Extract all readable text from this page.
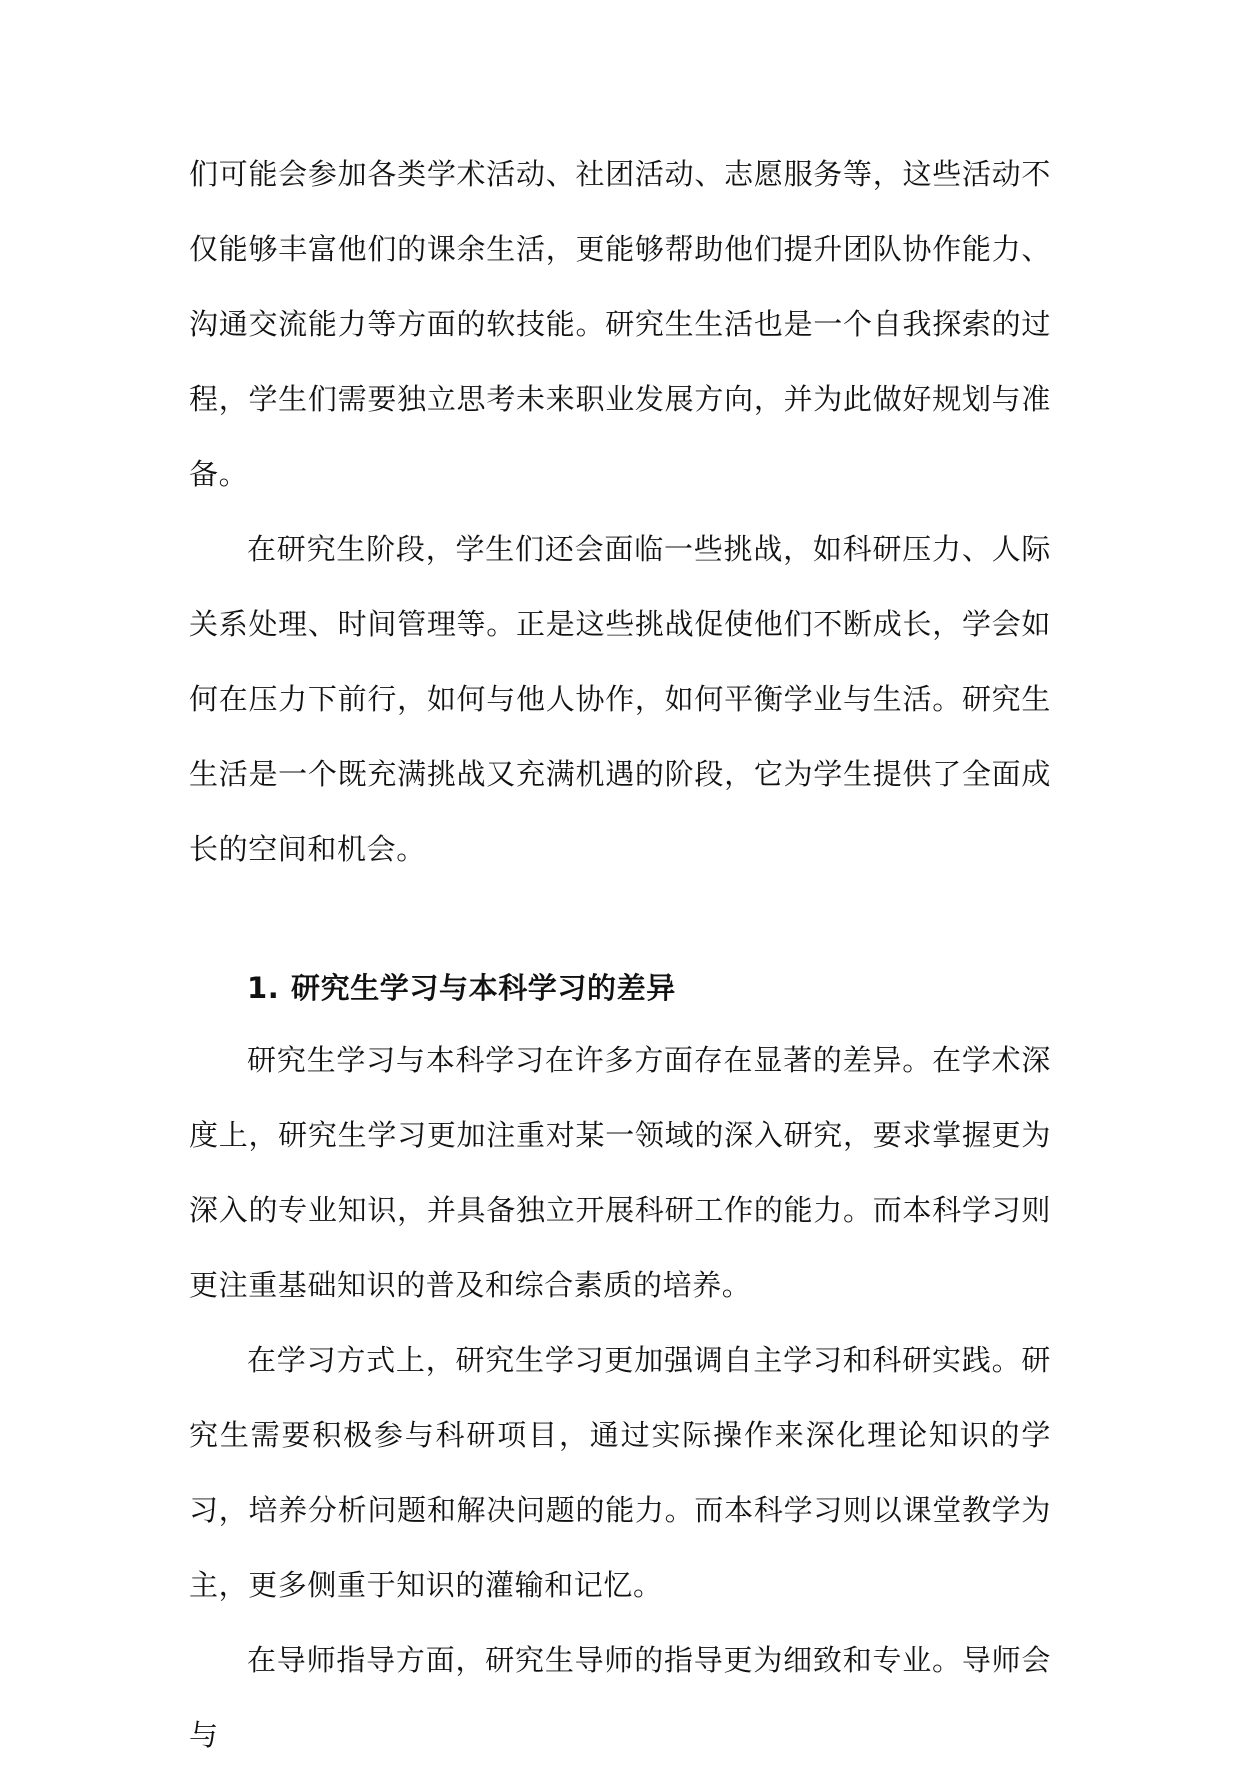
们可能会参加各类学术活动、社团活动、志愿服务等，这些活动不仅能够丰富他们的课余生活，更能够帮助他们提升团队协作能力、沟通交流能力等方面的软技能。研究生生活也是一个自我探索的过程，学生们需要独立思考未来职业发展方向，并为此做好规划与准备。

在研究生阶段，学生们还会面临一些挑战，如科研压力、人际关系处理、时间管理等。正是这些挑战促使他们不断成长，学会如何在压力下前行，如何与他人协作，如何平衡学业与生活。研究生生活是一个既充满挑战又充满机遇的阶段，它为学生提供了全面成长的空间和机会。

1. 研究生学习与本科学习的差异

研究生学习与本科学习在许多方面存在显著的差异。在学术深度上，研究生学习更加注重对某一领域的深入研究，要求掌握更为深入的专业知识，并具备独立开展科研工作的能力。而本科学习则更注重基础知识的普及和综合素质的培养。

在学习方式上，研究生学习更加强调自主学习和科研实践。研究生需要积极参与科研项目，通过实际操作来深化理论知识的学习，培养分析问题和解决问题的能力。而本科学习则以课堂教学为主，更多侧重于知识的灌输和记忆。

在导师指导方面，研究生导师的指导更为细致和专业。导师会与
